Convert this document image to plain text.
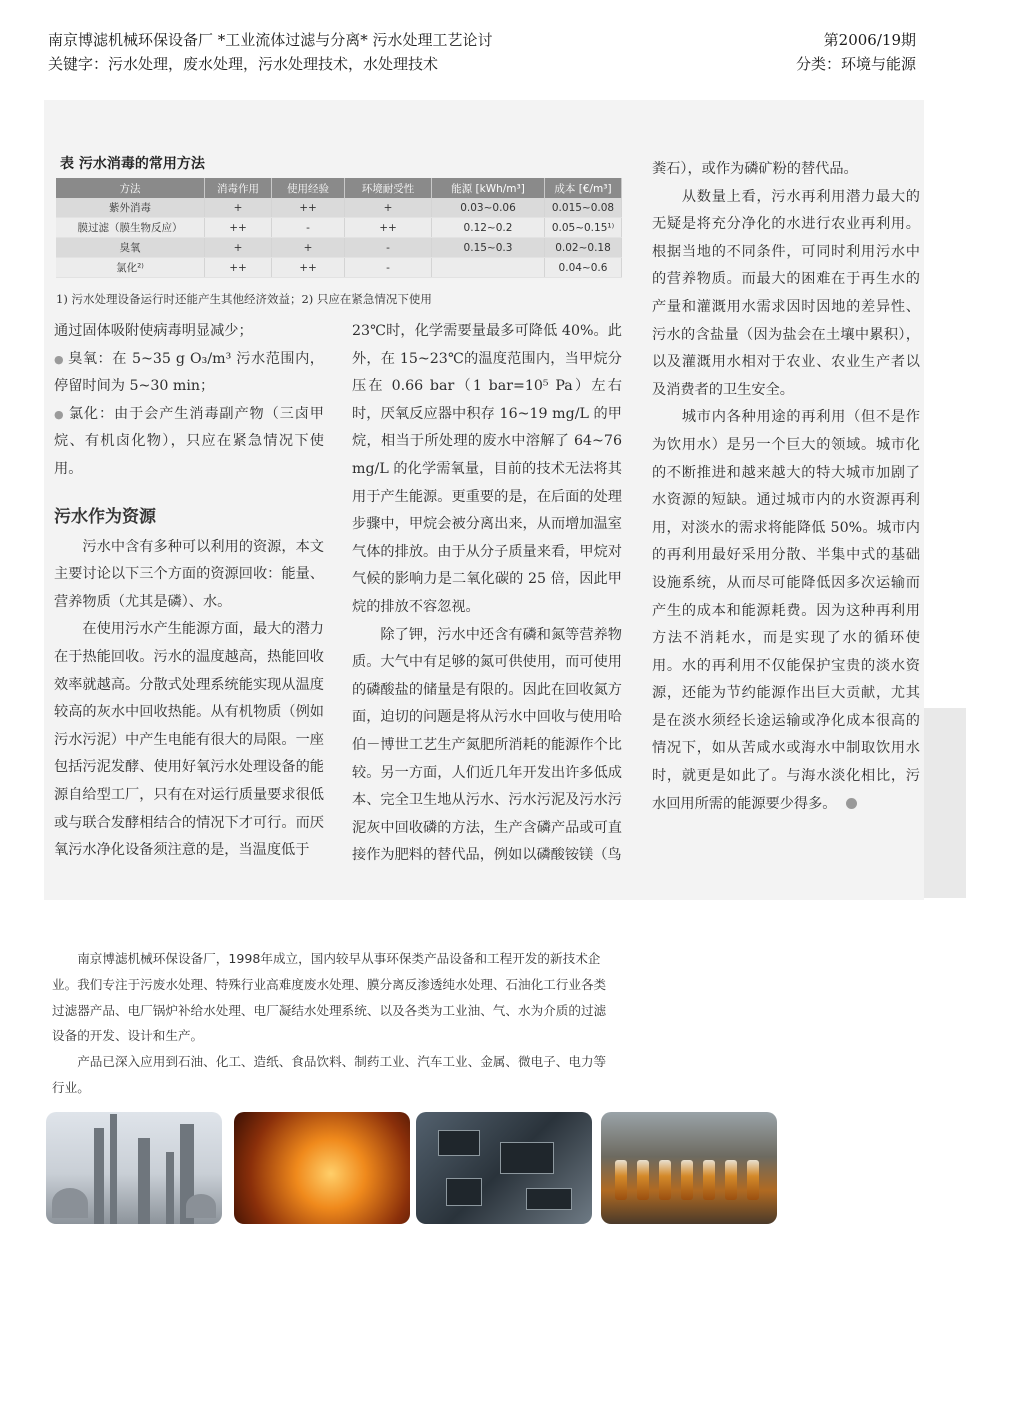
南京博滤机械环保设备厂 *工业流体过滤与分离* 污水处理工艺论讨
关键字：污水处理，废水处理，污水处理技术，水处理技术
第2006/19期
分类：环境与能源
表 污水消毒的常用方法
方法	消毒作用	使用经验	环境耐受性	能源 [kWh/m³]	成本 [€/m³]
紫外消毒	+	++	+	0.03~0.06	0.015~0.08
膜过滤（膜生物反应）	++	-	++	0.12~0.2	0.05~0.15¹⁾
臭氧	+	+	-	0.15~0.3	0.02~0.18
氯化²⁾	++	++	-		0.04~0.6
1) 污水处理设备运行时还能产生其他经济效益；2) 只应在紧急情况下使用

通过固体吸附使病毒明显减少；

● 臭氧：在 5~35 g O₃/m³ 污水范围内，停留时间为 5~30 min；

● 氯化：由于会产生消毒副产物（三卤甲烷、有机卤化物），只应在紧急情况下使用。

污水作为资源

　　污水中含有多种可以利用的资源，本文主要讨论以下三个方面的资源回收：能量、营养物质（尤其是磷）、水。

　　在使用污水产生能源方面，最大的潜力在于热能回收。污水的温度越高，热能回收效率就越高。分散式处理系统能实现从温度较高的灰水中回收热能。从有机物质（例如污水污泥）中产生电能有很大的局限。一座包括污泥发酵、使用好氧污水处理设备的能源自给型工厂，只有在对运行质量要求很低或与联合发酵相结合的情况下才可行。而厌氧污水净化设备须注意的是，当温度低于

23℃时，化学需要量最多可降低 40%。此外，在 15~23℃的温度范围内，当甲烷分压在 0.66 bar（1 bar=10⁵ Pa）左右时，厌氧反应器中积存 16~19 mg/L 的甲烷，相当于所处理的废水中溶解了 64~76 mg/L 的化学需氧量，目前的技术无法将其用于产生能源。更重要的是，在后面的处理步骤中，甲烷会被分离出来，从而增加温室气体的排放。由于从分子质量来看，甲烷对气候的影响力是二氧化碳的 25 倍，因此甲烷的排放不容忽视。

　　除了钾，污水中还含有磷和氮等营养物质。大气中有足够的氮可供使用，而可使用的磷酸盐的储量是有限的。因此在回收氮方面，迫切的问题是将从污水中回收与使用哈伯－博世工艺生产氮肥所消耗的能源作个比较。另一方面，人们近几年开发出许多低成本、完全卫生地从污水、污水污泥及污水污泥灰中回收磷的方法，生产含磷产品或可直接作为肥料的替代品，例如以磷酸铵镁（鸟

粪石），或作为磷矿粉的替代品。

　　从数量上看，污水再利用潜力最大的无疑是将充分净化的水进行农业再利用。根据当地的不同条件，可同时利用污水中的营养物质。而最大的困难在于再生水的产量和灌溉用水需求因时因地的差异性、污水的含盐量（因为盐会在土壤中累积），以及灌溉用水相对于农业、农业生产者以及消费者的卫生安全。

　　城市内各种用途的再利用（但不是作为饮用水）是另一个巨大的领域。城市化的不断推进和越来越大的特大城市加剧了水资源的短缺。通过城市内的水资源再利用，对淡水的需求将能降低 50%。城市内的再利用最好采用分散、半集中式的基础设施系统，从而尽可能降低因多次运输而产生的成本和能源耗费。因为这种再利用方法不消耗水，而是实现了水的循环使用。水的再利用不仅能保护宝贵的淡水资源，还能为节约能源作出巨大贡献，尤其是在淡水须经长途运输或净化成本很高的情况下，如从苦咸水或海水中制取饮用水时，就更是如此了。与海水淡化相比，污水回用所需的能源要少得多。

　　南京博滤机械环保设备厂，1998年成立，国内较早从事环保类产品设备和工程开发的新技术企业。我们专注于污废水处理、特殊行业高难度废水处理、膜分离反渗透纯水处理、石油化工行业各类过滤器产品、电厂锅炉补给水处理、电厂凝结水处理系统、以及各类为工业油、气、水为介质的过滤设备的开发、设计和生产。

　　产品已深入应用到石油、化工、造纸、食品饮料、制药工业、汽车工业、金属、微电子、电力等行业。
